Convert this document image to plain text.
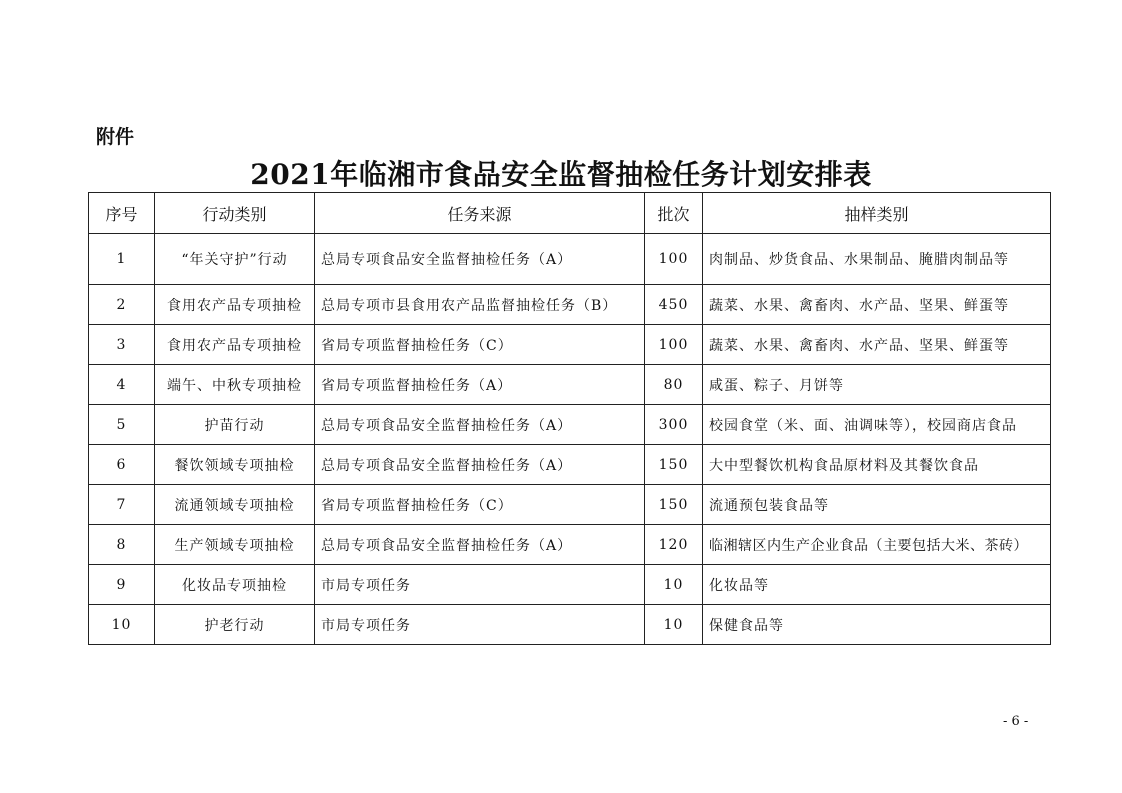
附件
2021年临湘市食品安全监督抽检任务计划安排表
序号	行动类别	任务来源	批次	抽样类别
1	“年关守护”行动	总局专项食品安全监督抽检任务（A）	100	肉制品、炒货食品、水果制品、腌腊肉制品等
2	食用农产品专项抽检	总局专项市县食用农产品监督抽检任务（B）	450	蔬菜、水果、禽畜肉、水产品、坚果、鲜蛋等
3	食用农产品专项抽检	省局专项监督抽检任务（C）	100	蔬菜、水果、禽畜肉、水产品、坚果、鲜蛋等
4	端午、中秋专项抽检	省局专项监督抽检任务（A）	80	咸蛋、粽子、月饼等
5	护苗行动	总局专项食品安全监督抽检任务（A）	300	校园食堂（米、面、油调味等），校园商店食品
6	餐饮领域专项抽检	总局专项食品安全监督抽检任务（A）	150	大中型餐饮机构食品原材料及其餐饮食品
7	流通领域专项抽检	省局专项监督抽检任务（C）	150	流通预包装食品等
8	生产领域专项抽检	总局专项食品安全监督抽检任务（A）	120	临湘辖区内生产企业食品（主要包括大米、茶砖）
9	化妆品专项抽检	市局专项任务	10	化妆品等
10	护老行动	市局专项任务	10	保健食品等
- 6 -
